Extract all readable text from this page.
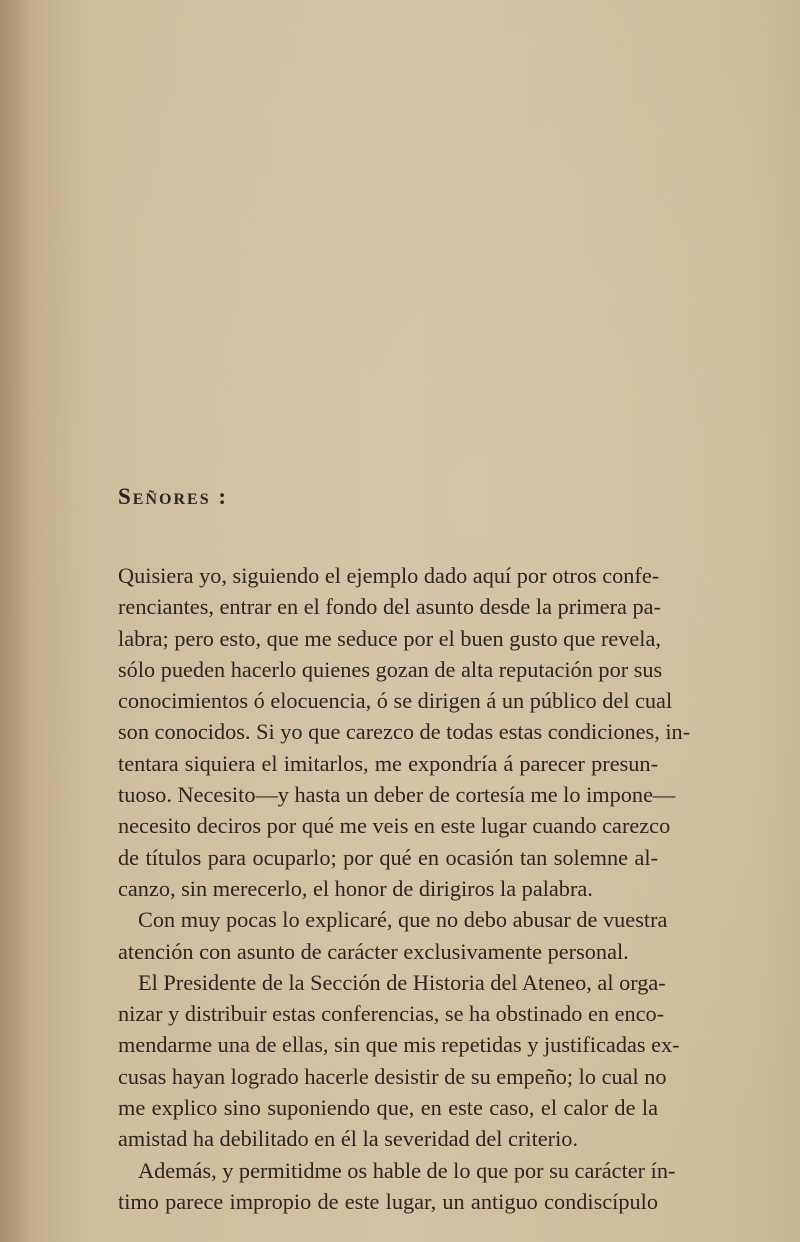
Señores :
Quisiera yo, siguiendo el ejemplo dado aquí por otros confe-
renciantes, entrar en el fondo del asunto desde la primera pa-
labra; pero esto, que me seduce por el buen gusto que revela,
sólo pueden hacerlo quienes gozan de alta reputación por sus
conocimientos ó elocuencia, ó se dirigen á un público del cual
son conocidos. Si yo que carezco de todas estas condiciones, in-
tentara siquiera el imitarlos, me expondría á parecer presun-
tuoso. Necesito—y hasta un deber de cortesía me lo impone—
necesito deciros por qué me veis en este lugar cuando carezco
de títulos para ocuparlo; por qué en ocasión tan solemne al-
canzo, sin merecerlo, el honor de dirigiros la palabra.
Con muy pocas lo explicaré, que no debo abusar de vuestra
atención con asunto de carácter exclusivamente personal.
El Presidente de la Sección de Historia del Ateneo, al orga-
nizar y distribuir estas conferencias, se ha obstinado en enco-
mendarme una de ellas, sin que mis repetidas y justificadas ex-
cusas hayan logrado hacerle desistir de su empeño; lo cual no
me explico sino suponiendo que, en este caso, el calor de la
amistad ha debilitado en él la severidad del criterio.
Además, y permitidme os hable de lo que por su carácter ín-
timo parece impropio de este lugar, un antiguo condiscípulo
